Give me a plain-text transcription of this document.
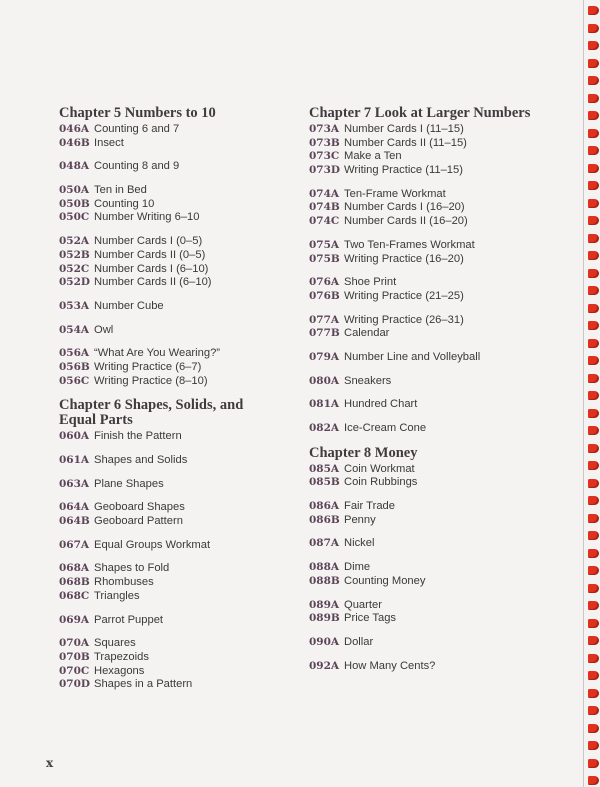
Chapter 5 Numbers to 10
046A Counting 6 and 7
046B Insect
048A Counting 8 and 9
050A Ten in Bed
050B Counting 10
050C Number Writing 6–10
052A Number Cards I (0–5)
052B Number Cards II (0–5)
052C Number Cards I (6–10)
052D Number Cards II (6–10)
053A Number Cube
054A Owl
056A “What Are You Wearing?”
056B Writing Practice (6–7)
056C Writing Practice (8–10)
Chapter 6 Shapes, Solids, and Equal Parts
060A Finish the Pattern
061A Shapes and Solids
063A Plane Shapes
064A Geoboard Shapes
064B Geoboard Pattern
067A Equal Groups Workmat
068A Shapes to Fold
068B Rhombuses
068C Triangles
069A Parrot Puppet
070A Squares
070B Trapezoids
070C Hexagons
070D Shapes in a Pattern
Chapter 7 Look at Larger Numbers
073A Number Cards I (11–15)
073B Number Cards II (11–15)
073C Make a Ten
073D Writing Practice (11–15)
074A Ten-Frame Workmat
074B Number Cards I (16–20)
074C Number Cards II (16–20)
075A Two Ten-Frames Workmat
075B Writing Practice (16–20)
076A Shoe Print
076B Writing Practice (21–25)
077A Writing Practice (26–31)
077B Calendar
079A Number Line and Volleyball
080A Sneakers
081A Hundred Chart
082A Ice-Cream Cone
Chapter 8 Money
085A Coin Workmat
085B Coin Rubbings
086A Fair Trade
086B Penny
087A Nickel
088A Dime
088B Counting Money
089A Quarter
089B Price Tags
090A Dollar
092A How Many Cents?
x
